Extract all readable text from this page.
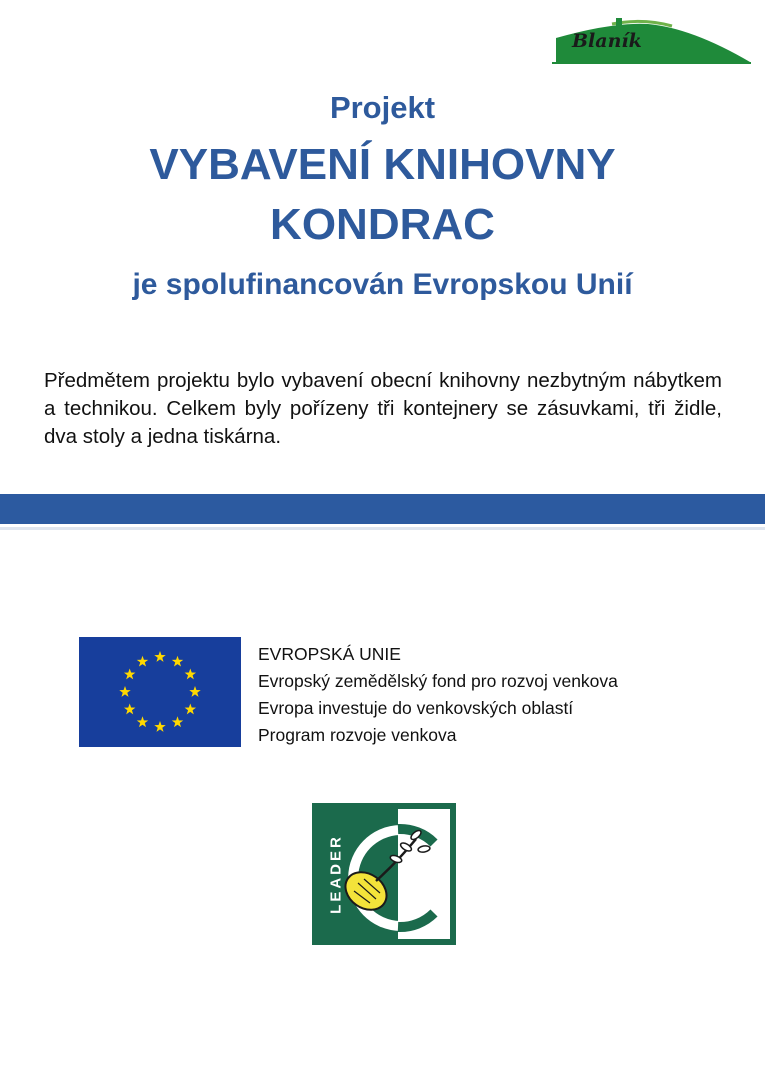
Blaník
Projekt
VYBAVENÍ KNIHOVNY
KONDRAC
je spolufinancován Evropskou Unií

Předmětem projektu bylo vybavení obecní knihovny nezbytným nábytkem a technikou. Celkem byly pořízeny tři kontejnery se zásuvkami, tři židle, dva stoly a jedna tiskárna.

EVROPSKÁ UNIE
Evropský zemědělský fond pro rozvoj venkova
Evropa investuje do venkovských oblastí
Program rozvoje venkova
LEADER
